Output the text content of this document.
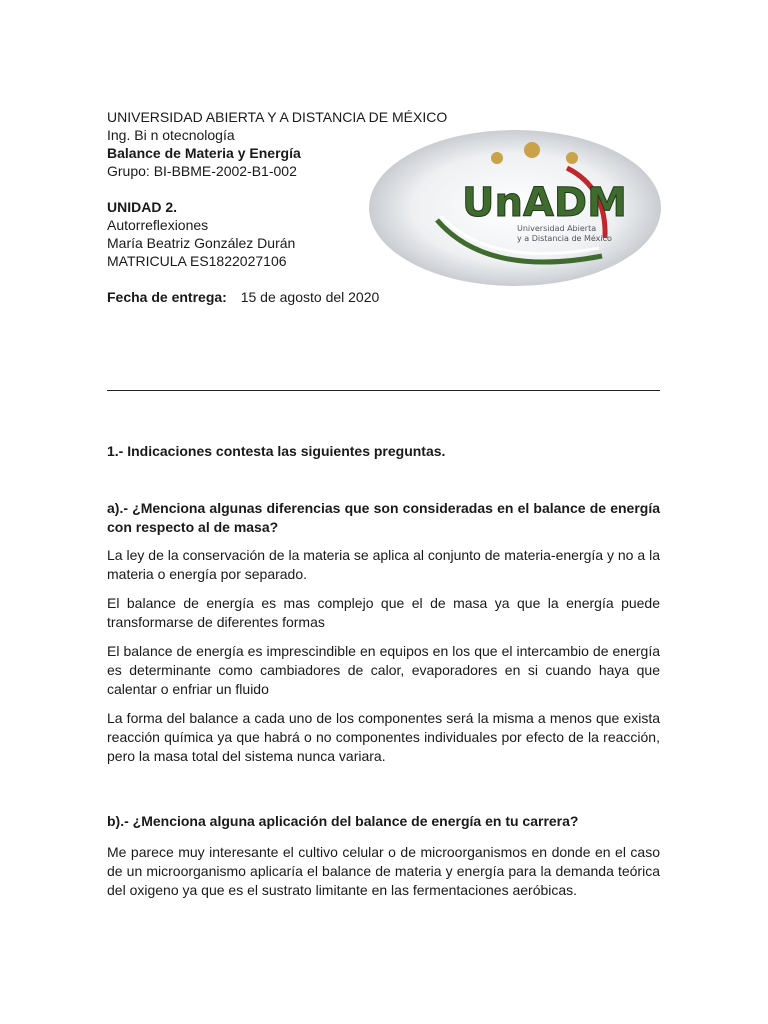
UNIVERSIDAD ABIERTA Y A DISTANCIA DE MÉXICO
Ing. Bi n otecnología
Balance de Materia y Energía
Grupo: BI-BBME-2002-B1-002
UNIDAD 2.
Autorreflexiones
María Beatriz González Durán
MATRICULA ES1822027106
Fecha de entrega: 15 de agosto del 2020
UnADM
Universidad Abierta
y a Distancia de México
1.- Indicaciones contesta las siguientes preguntas.
a).- ¿Menciona algunas diferencias que son consideradas en el balance de energía con respecto al de masa?
La ley de la conservación de la materia se aplica al conjunto de materia-energía y no a la materia o energía por separado.
El balance de energía es mas complejo que el de masa ya que la energía puede transformarse de diferentes formas
El balance de energía es imprescindible en equipos en los que el intercambio de energía es determinante como cambiadores de calor, evaporadores en si cuando haya que calentar o enfriar un fluido
La forma del balance a cada uno de los componentes será la misma a menos que exista reacción química ya que habrá o no componentes individuales por efecto de la reacción, pero la masa total del sistema nunca variara.
b).- ¿Menciona alguna aplicación del balance de energía en tu carrera?
Me parece muy interesante el cultivo celular o de microorganismos en donde en el caso de un microorganismo aplicaría el balance de materia y energía para la demanda teórica del oxigeno ya que es el sustrato limitante en las fermentaciones aeróbicas.
